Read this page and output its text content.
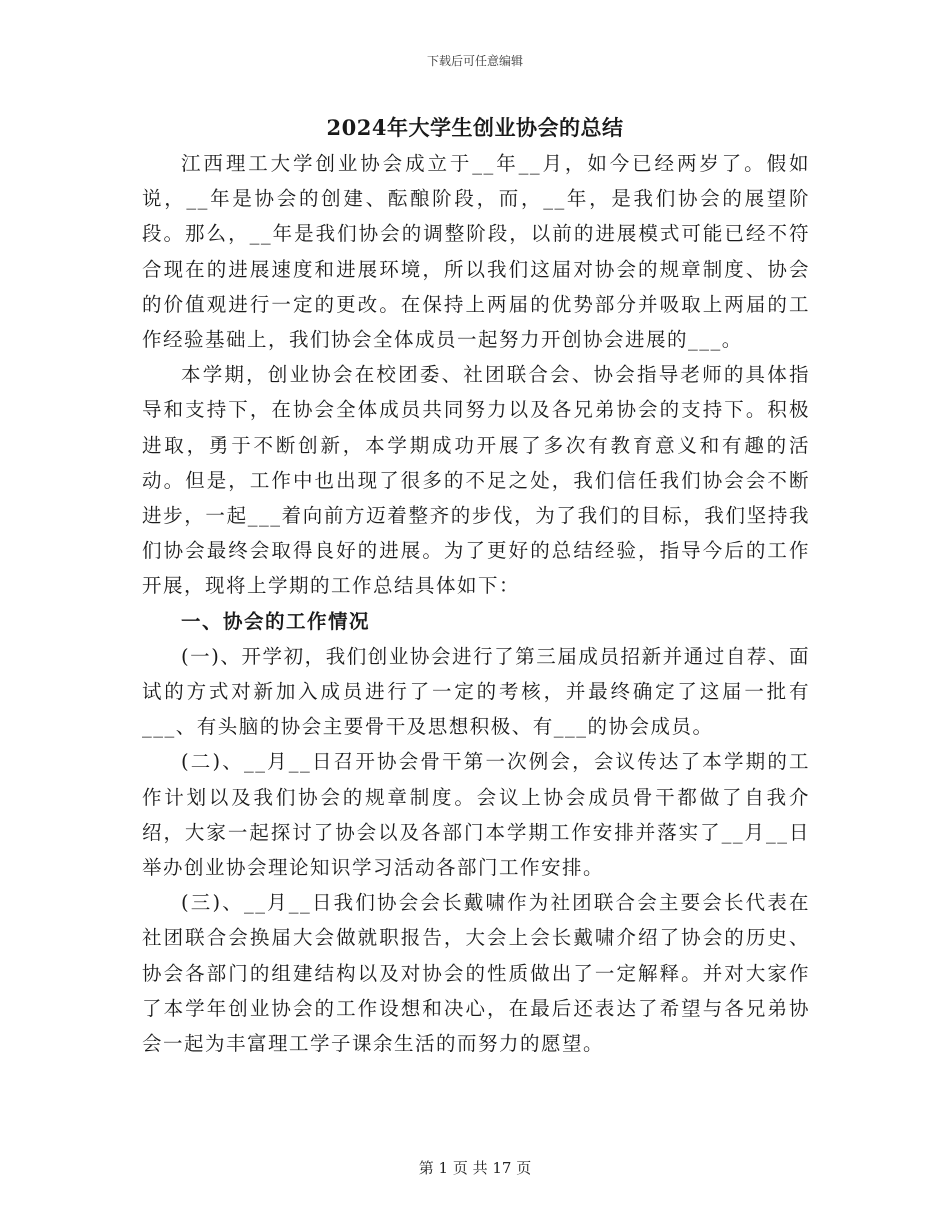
下载后可任意编辑
2024年大学生创业协会的总结

江西理工大学创业协会成立于__年__月，如今已经两岁了。假如说，__年是协会的创建、酝酿阶段，而，__年，是我们协会的展望阶段。那么，__年是我们协会的调整阶段，以前的进展模式可能已经不符合现在的进展速度和进展环境，所以我们这届对协会的规章制度、协会的价值观进行一定的更改。在保持上两届的优势部分并吸取上两届的工作经验基础上，我们协会全体成员一起努力开创协会进展的___。

本学期，创业协会在校团委、社团联合会、协会指导老师的具体指导和支持下，在协会全体成员共同努力以及各兄弟协会的支持下。积极进取，勇于不断创新，本学期成功开展了多次有教育意义和有趣的活动。但是，工作中也出现了很多的不足之处，我们信任我们协会会不断进步，一起___着向前方迈着整齐的步伐，为了我们的目标，我们坚持我们协会最终会取得良好的进展。为了更好的总结经验，指导今后的工作开展，现将上学期的工作总结具体如下：

一、协会的工作情况

(一)、开学初，我们创业协会进行了第三届成员招新并通过自荐、面试的方式对新加入成员进行了一定的考核，并最终确定了这届一批有___、有头脑的协会主要骨干及思想积极、有___的协会成员。

(二)、__月__日召开协会骨干第一次例会，会议传达了本学期的工作计划以及我们协会的规章制度。会议上协会成员骨干都做了自我介绍，大家一起探讨了协会以及各部门本学期工作安排并落实了__月__日举办创业协会理论知识学习活动各部门工作安排。

(三)、__月__日我们协会会长戴啸作为社团联合会主要会长代表在社团联合会换届大会做就职报告，大会上会长戴啸介绍了协会的历史、协会各部门的组建结构以及对协会的性质做出了一定解释。并对大家作了本学年创业协会的工作设想和决心，在最后还表达了希望与各兄弟协会一起为丰富理工学子课余生活的而努力的愿望。

第 1 页 共 17 页
